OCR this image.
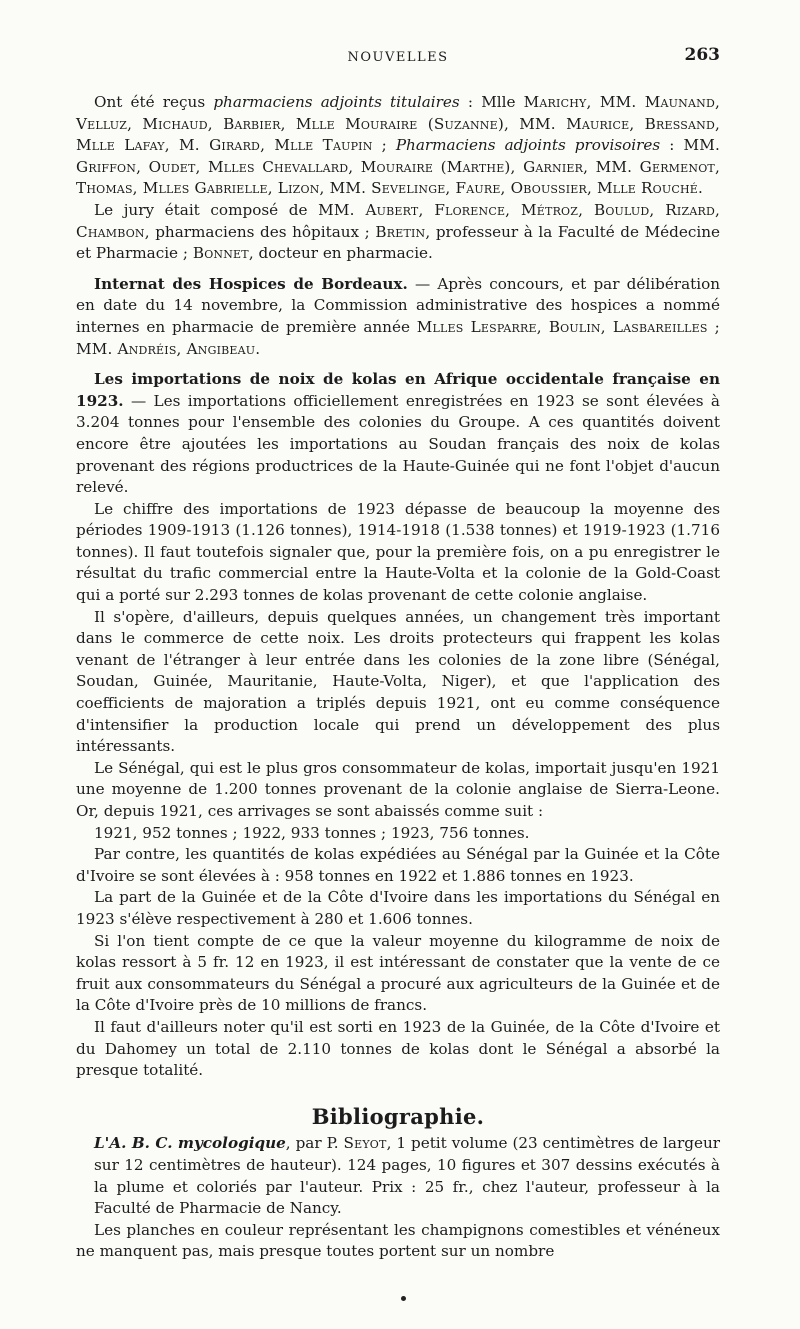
NOUVELLES	263

Ont été reçus pharmaciens adjoints titulaires : Mlle Marichy, MM. Maunand, Velluz, Michaud, Barbier, Mlle Mouraire (Suzanne), MM. Maurice, Bressand, Mlle Lafay, M. Girard, Mlle Taupin ; Pharmaciens adjoints provisoires : MM. Griffon, Oudet, Mlles Chevallard, Mouraire (Marthe), Garnier, MM. Germenot, Thomas, Mlles Gabrielle, Lizon, MM. Sevelinge, Faure, Oboussier, Mlle Rouché.

Le jury était composé de MM. Aubert, Florence, Métroz, Boulud, Rizard, Chambon, pharmaciens des hôpitaux ; Bretin, professeur à la Faculté de Médecine et Pharmacie ; Bonnet, docteur en pharmacie.

Internat des Hospices de Bordeaux. — Après concours, et par délibération en date du 14 novembre, la Commission administrative des hospices a nommé internes en pharmacie de première année Mlles Lesparre, Boulin, Lasbareilles ; MM. Andréis, Angibeau.

Les importations de noix de kolas en Afrique occidentale française en 1923. — Les importations officiellement enregistrées en 1923 se sont élevées à 3.204 tonnes pour l'ensemble des colonies du Groupe. A ces quantités doivent encore être ajoutées les importations au Soudan français des noix de kolas provenant des régions productrices de la Haute-Guinée qui ne font l'objet d'aucun relevé.

Le chiffre des importations de 1923 dépasse de beaucoup la moyenne des périodes 1909-1913 (1.126 tonnes), 1914-1918 (1.538 tonnes) et 1919-1923 (1.716 tonnes). Il faut toutefois signaler que, pour la première fois, on a pu enregistrer le résultat du trafic commercial entre la Haute-Volta et la colonie de la Gold-Coast qui a porté sur 2.293 tonnes de kolas provenant de cette colonie anglaise.

Il s'opère, d'ailleurs, depuis quelques années, un changement très important dans le commerce de cette noix. Les droits protecteurs qui frappent les kolas venant de l'étranger à leur entrée dans les colonies de la zone libre (Sénégal, Soudan, Guinée, Mauritanie, Haute-Volta, Niger), et que l'application des coefficients de majoration a triplés depuis 1921, ont eu comme conséquence d'intensifier la production locale qui prend un développement des plus intéressants.

Le Sénégal, qui est le plus gros consommateur de kolas, importait jusqu'en 1921 une moyenne de 1.200 tonnes provenant de la colonie anglaise de Sierra-Leone. Or, depuis 1921, ces arrivages se sont abaissés comme suit :

1921, 952 tonnes ; 1922, 933 tonnes ; 1923, 756 tonnes.

Par contre, les quantités de kolas expédiées au Sénégal par la Guinée et la Côte d'Ivoire se sont élevées à : 958 tonnes en 1922 et 1.886 tonnes en 1923.

La part de la Guinée et de la Côte d'Ivoire dans les importations du Sénégal en 1923 s'élève respectivement à 280 et 1.606 tonnes.

Si l'on tient compte de ce que la valeur moyenne du kilogramme de noix de kolas ressort à 5 fr. 12 en 1923, il est intéressant de constater que la vente de ce fruit aux consommateurs du Sénégal a procuré aux agriculteurs de la Guinée et de la Côte d'Ivoire près de 10 millions de francs.

Il faut d'ailleurs noter qu'il est sorti en 1923 de la Guinée, de la Côte d'Ivoire et du Dahomey un total de 2.110 tonnes de kolas dont le Sénégal a absorbé la presque totalité.

Bibliographie.

L'A. B. C. mycologique, par P. Seyot, 1 petit volume (23 centimètres de largeur sur 12 centimètres de hauteur). 124 pages, 10 figures et 307 dessins exécutés à la plume et coloriés par l'auteur. Prix : 25 fr., chez l'auteur, professeur à la Faculté de Pharmacie de Nancy.

Les planches en couleur représentant les champignons comestibles et vénéneux ne manquent pas, mais presque toutes portent sur un nombre
